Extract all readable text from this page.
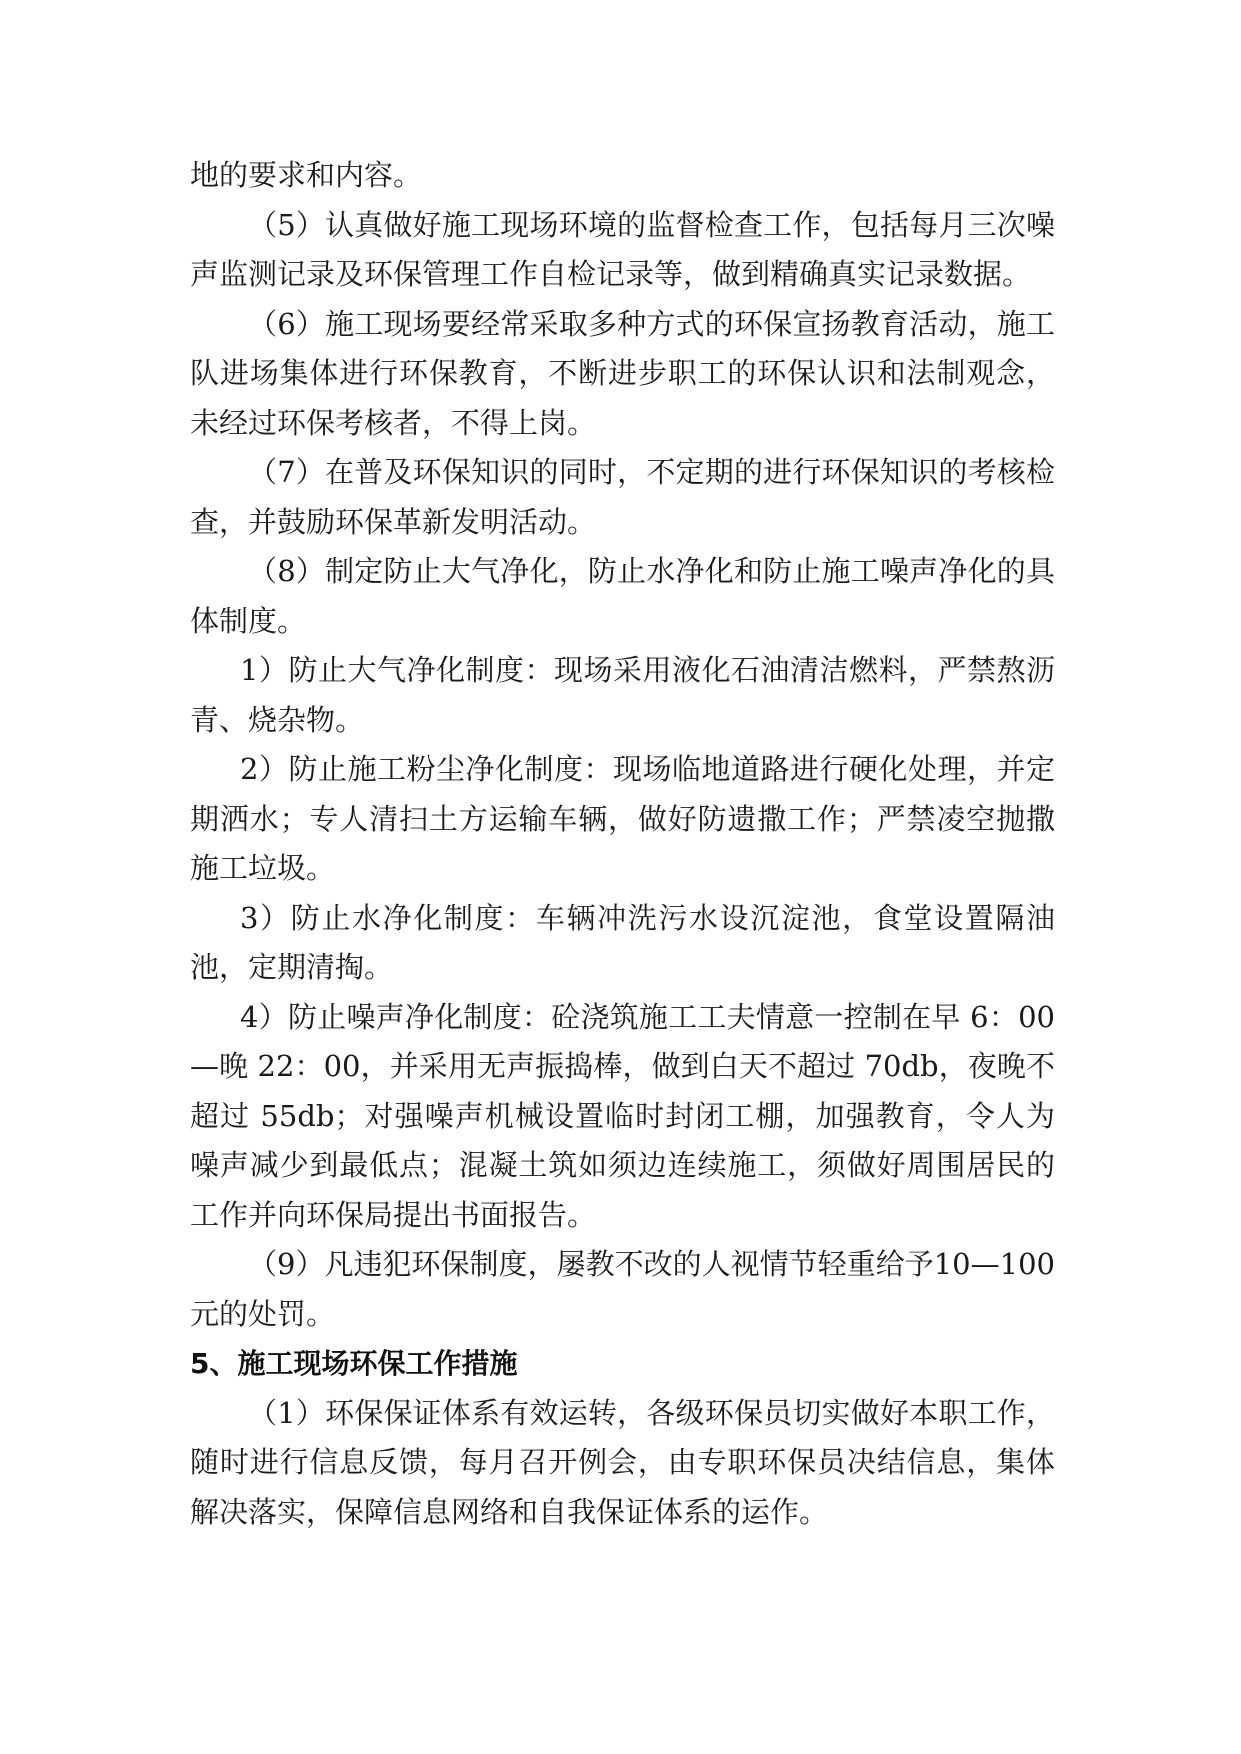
地的要求和内容。

（5）认真做好施工现场环境的监督检查工作，包括每月三次噪声监测记录及环保管理工作自检记录等，做到精确真实记录数据。

（6）施工现场要经常采取多种方式的环保宣扬教育活动，施工队进场集体进行环保教育，不断进步职工的环保认识和法制观念，未经过环保考核者，不得上岗。

（7）在普及环保知识的同时，不定期的进行环保知识的考核检查，并鼓励环保革新发明活动。

（8）制定防止大气净化，防止水净化和防止施工噪声净化的具体制度。

1）防止大气净化制度：现场采用液化石油清洁燃料，严禁熬沥青、烧杂物。

2）防止施工粉尘净化制度：现场临地道路进行硬化处理，并定期洒水；专人清扫土方运输车辆，做好防遗撒工作；严禁凌空抛撒施工垃圾。

3）防止水净化制度：车辆冲洗污水设沉淀池，食堂设置隔油池，定期清掏。

4）防止噪声净化制度：砼浇筑施工工夫情意一控制在早 6：00—晚 22：00，并采用无声振捣棒，做到白天不超过 70db，夜晚不超过 55db；对强噪声机械设置临时封闭工棚，加强教育，令人为噪声减少到最低点；混凝土筑如须边连续施工，须做好周围居民的工作并向环保局提出书面报告。

（9）凡违犯环保制度，屡教不改的人视情节轻重给予10—100 元的处罚。

5、施工现场环保工作措施

（1）环保保证体系有效运转，各级环保员切实做好本职工作，随时进行信息反馈，每月召开例会，由专职环保员决结信息，集体解决落实，保障信息网络和自我保证体系的运作。
